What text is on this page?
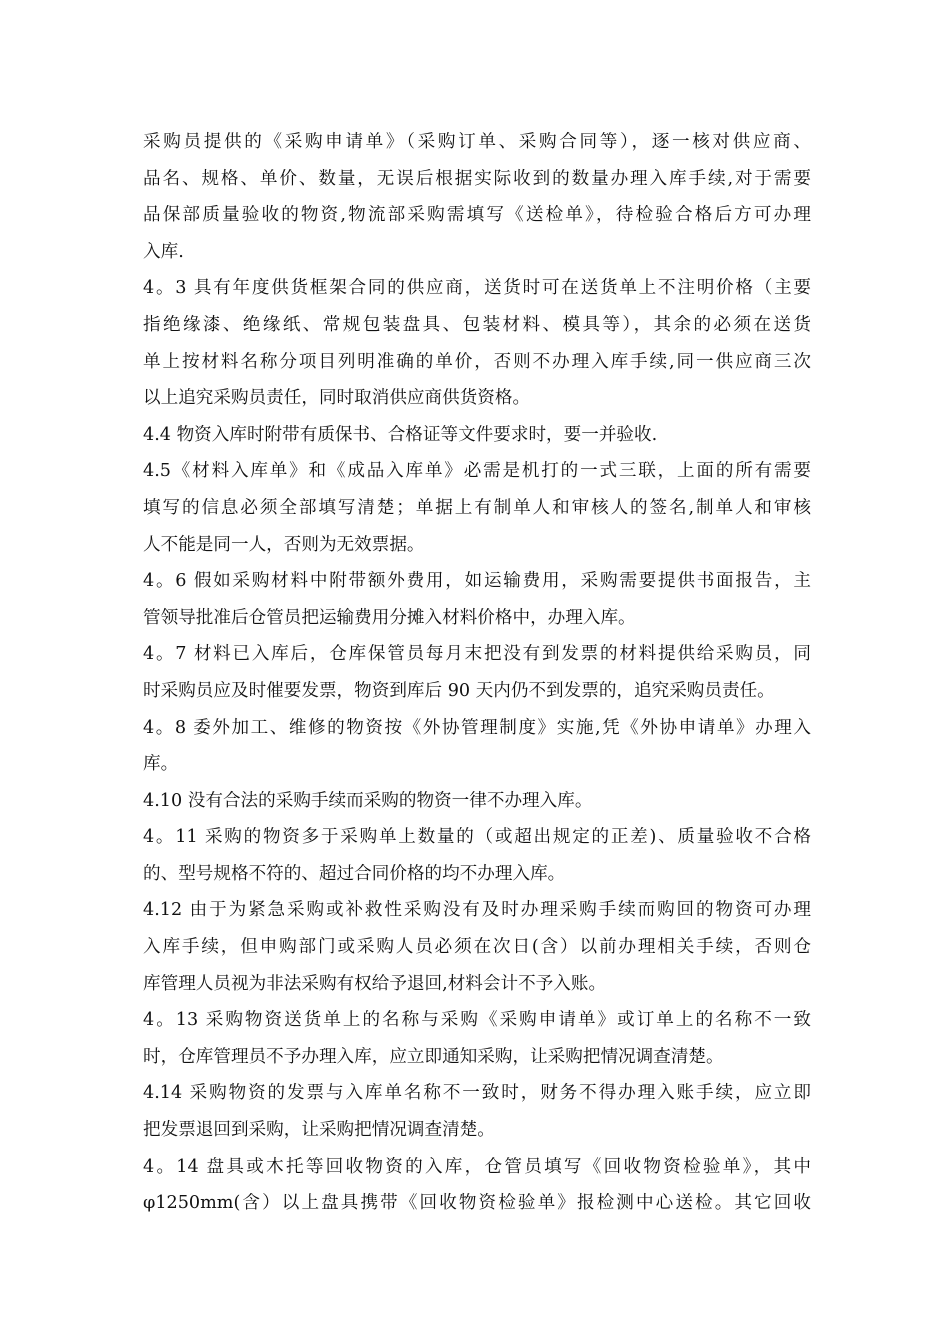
采购员提供的《采购申请单》（采购订单、采购合同等），逐一核对供应商、
品名、规格、单价、数量，无误后根据实际收到的数量办理入库手续,对于需要
品保部质量验收的物资,物流部采购需填写《送检单》，待检验合格后方可办理
入库.
4。3 具有年度供货框架合同的供应商，送货时可在送货单上不注明价格（主要
指绝缘漆、绝缘纸、常规包装盘具、包装材料、模具等），其余的必须在送货
单上按材料名称分项目列明准确的单价，否则不办理入库手续,同一供应商三次
以上追究采购员责任，同时取消供应商供货资格。
4.4 物资入库时附带有质保书、合格证等文件要求时，要一并验收.
4.5《材料入库单》和《成品入库单》必需是机打的一式三联，上面的所有需要
填写的信息必须全部填写清楚；单据上有制单人和审核人的签名,制单人和审核
人不能是同一人，否则为无效票据。
4。6 假如采购材料中附带额外费用，如运输费用，采购需要提供书面报告，主
管领导批准后仓管员把运输费用分摊入材料价格中，办理入库。
4。7 材料已入库后，仓库保管员每月末把没有到发票的材料提供给采购员，同
时采购员应及时催要发票，物资到库后 90 天内仍不到发票的，追究采购员责任。
4。8 委外加工、维修的物资按《外协管理制度》实施,凭《外协申请单》办理入
库。
4.10 没有合法的采购手续而采购的物资一律不办理入库。
4。11 采购的物资多于采购单上数量的（或超出规定的正差)、质量验收不合格
的、型号规格不符的、超过合同价格的均不办理入库。
4.12 由于为紧急采购或补救性采购没有及时办理采购手续而购回的物资可办理
入库手续，但申购部门或采购人员必须在次日(含）以前办理相关手续，否则仓
库管理人员视为非法采购有权给予退回,材料会计不予入账。
4。13 采购物资送货单上的名称与采购《采购申请单》或订单上的名称不一致
时，仓库管理员不予办理入库，应立即通知采购，让采购把情况调查清楚。
4.14 采购物资的发票与入库单名称不一致时，财务不得办理入账手续，应立即
把发票退回到采购，让采购把情况调查清楚。
4。14 盘具或木托等回收物资的入库，仓管员填写《回收物资检验单》，其中
φ1250mm(含）以上盘具携带《回收物资检验单》报检测中心送检。其它回收
